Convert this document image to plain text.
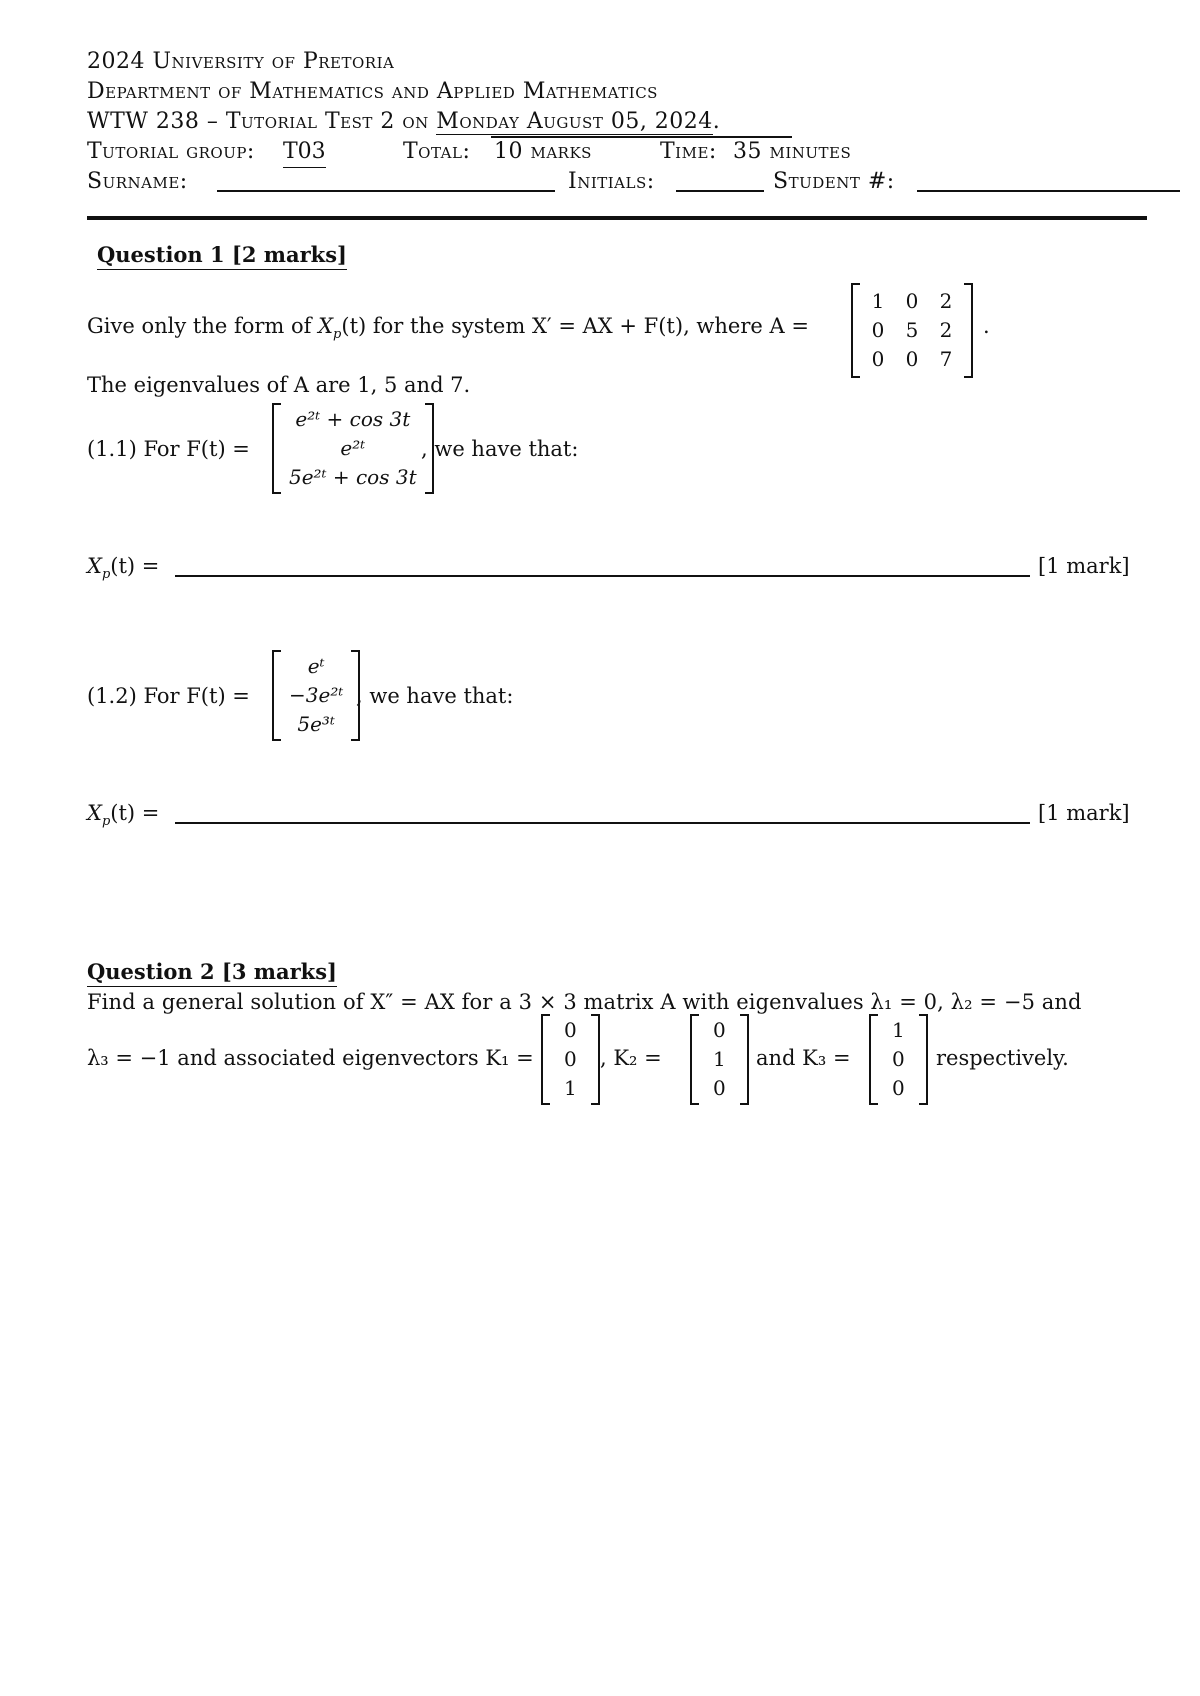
2024 University of Pretoria
Department of Mathematics and Applied Mathematics
WTW 238 – Tutorial Test 2 on Monday August 05, 2024.
Tutorial group: T03	Total: 10 marks	Time: 35 minutes
Surname:	Initials:	Student #:
Question 1 [2 marks]
Give only the form of $X_p(t)$ for the system X′ = AX + F(t), where A =
1 0 2
0 5 2
0 0 7
.
The eigenvalues of A are 1, 5 and 7.
(1.1) For F(t) =
e²ᵗ + cos 3t
e²ᵗ
5e²ᵗ + cos 3t
, we have that:
$X_p(t)$ =	[1 mark]
(1.2) For F(t) =
eᵗ
−3e²ᵗ
5e³ᵗ
, we have that:
$X_p(t)$ =	[1 mark]
Question 2 [3 marks]
Find a general solution of X″ = AX for a 3 × 3 matrix A with eigenvalues λ₁ = 0, λ₂ = −5 and
λ₃ = −1 and associated eigenvectors K₁ =
0
0
1
, K₂ =
0
1
0
and K₃ =
1
0
0
respectively.
